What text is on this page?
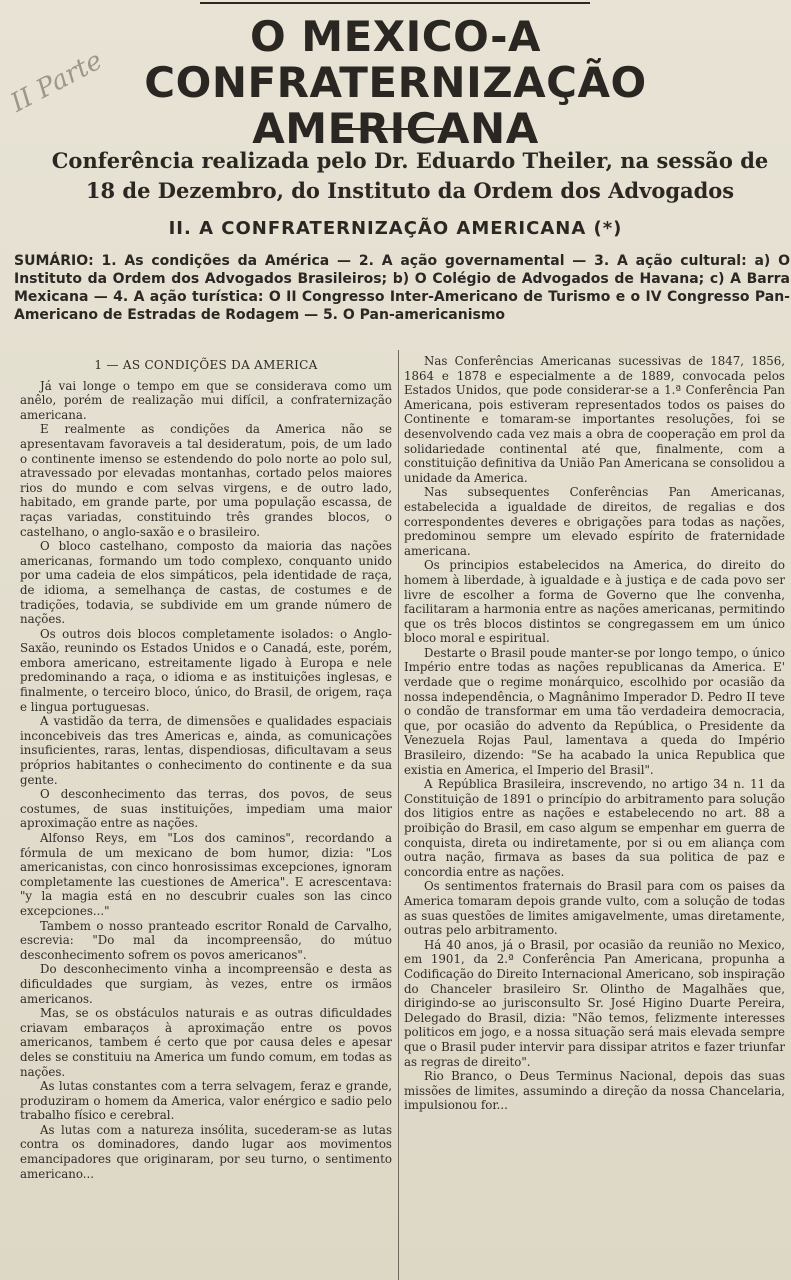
II Parte
O MEXICO-A CONFRATERNIZAÇÃO
AMERICANA
Conferência realizada pelo Dr. Eduardo Theiler, na sessão de 18 de Dezembro, do Instituto da Ordem dos Advogados
II. A CONFRATERNIZAÇÃO AMERICANA (*)
SUMÁRIO: 1. As condições da América — 2. A ação governamental — 3. A ação cultural: a) O Instituto da Ordem dos Advogados Brasileiros; b) O Colégio de Advogados de Havana; c) A Barra Mexicana — 4. A ação turística: O II Congresso Inter-Americano de Turismo e o IV Congresso Pan-Americano de Estradas de Rodagem — 5. O Pan-americanismo
1 — AS CONDIÇÕES DA AMERICA

Já vai longe o tempo em que se considerava como um anêlo, porém de realização mui difícil, a confraternização americana.

E realmente as condições da America não se apresentavam favoraveis a tal desideratum, pois, de um lado o continente imenso se estendendo do polo norte ao polo sul, atravessado por elevadas montanhas, cortado pelos maiores rios do mundo e com selvas virgens, e de outro lado, habitado, em grande parte, por uma população escassa, de raças variadas, constituindo três grandes blocos, o castelhano, o anglo-saxão e o brasileiro.

O bloco castelhano, composto da maioria das nações americanas, formando um todo complexo, conquanto unido por uma cadeia de elos simpáticos, pela identidade de raça, de idioma, a semelhança de castas, de costumes e de tradições, todavia, se subdivide em um grande número de nações.

Os outros dois blocos completamente isolados: o Anglo-Saxão, reunindo os Estados Unidos e o Canadá, este, porém, embora americano, estreitamente ligado à Europa e nele predominando a raça, o idioma e as instituições inglesas, e finalmente, o terceiro bloco, único, do Brasil, de origem, raça e lingua portuguesas.

A vastidão da terra, de dimensões e qualidades espaciais inconcebiveis das tres Americas e, ainda, as comunicações insuficientes, raras, lentas, dispendiosas, dificultavam a seus próprios habitantes o conhecimento do continente e da sua gente.

O desconhecimento das terras, dos povos, de seus costumes, de suas instituições, impediam uma maior aproximação entre as nações.

Alfonso Reys, em "Los dos caminos", recordando a fórmula de um mexicano de bom humor, dizia: "Los americanistas, con cinco honrosissimas excepciones, ignoram completamente las cuestiones de America". E acrescentava: "y la magia está en no descubrir cuales son las cinco excepciones..."

Tambem o nosso pranteado escritor Ronald de Carvalho, escrevia: "Do mal da incompreensão, do mútuo desconhecimento sofrem os povos americanos".

Do desconhecimento vinha a incompreensão e desta as dificuldades que surgiam, às vezes, entre os irmãos americanos.

Mas, se os obstáculos naturais e as outras dificuldades criavam embaraços à aproximação entre os povos americanos, tambem é certo que por causa deles e apesar deles se constituiu na America um fundo comum, em todas as nações.

As lutas constantes com a terra selvagem, feraz e grande, produziram o homem da America, valor enérgico e sadio pelo trabalho físico e cerebral.

As lutas com a natureza insólita, sucederam-se as lutas contra os dominadores, dando lugar aos movimentos emancipadores que originaram, por seu turno, o sentimento americano...

Nas Conferências Americanas sucessivas de 1847, 1856, 1864 e 1878 e especialmente a de 1889, convocada pelos Estados Unidos, que pode considerar-se a 1.ª Conferência Pan Americana, pois estiveram representados todos os paises do Continente e tomaram-se importantes resoluções, foi se desenvolvendo cada vez mais a obra de cooperação em prol da solidariedade continental até que, finalmente, com a constituição definitiva da União Pan Americana se consolidou a unidade da America.

Nas subsequentes Conferências Pan Americanas, estabelecida a igualdade de direitos, de regalias e dos correspondentes deveres e obrigações para todas as nações, predominou sempre um elevado espírito de fraternidade americana.

Os principios estabelecidos na America, do direito do homem à liberdade, à igualdade e à justiça e de cada povo ser livre de escolher a forma de Governo que lhe convenha, facilitaram a harmonia entre as nações americanas, permitindo que os três blocos distintos se congregassem em um único bloco moral e espiritual.

Destarte o Brasil poude manter-se por longo tempo, o único Império entre todas as nações republicanas da America. E' verdade que o regime monárquico, escolhido por ocasião da nossa independência, o Magnânimo Imperador D. Pedro II teve o condão de transformar em uma tão verdadeira democracia, que, por ocasião do advento da República, o Presidente da Venezuela Rojas Paul, lamentava a queda do Império Brasileiro, dizendo: "Se ha acabado la unica Republica que existia en America, el Imperio del Brasil".

A República Brasileira, inscrevendo, no artigo 34 n. 11 da Constituição de 1891 o princípio do arbitramento para solução dos litigios entre as nações e estabelecendo no art. 88 a proibição do Brasil, em caso algum se empenhar em guerra de conquista, direta ou indiretamente, por si ou em aliança com outra nação, firmava as bases da sua politica de paz e concordia entre as nações.

Os sentimentos fraternais do Brasil para com os paises da America tomaram depois grande vulto, com a solução de todas as suas questões de limites amigavelmente, umas diretamente, outras pelo arbitramento.

Há 40 anos, já o Brasil, por ocasião da reunião no Mexico, em 1901, da 2.ª Conferência Pan Americana, propunha a Codificação do Direito Internacional Americano, sob inspiração do Chanceler brasileiro Sr. Olintho de Magalhães que, dirigindo-se ao jurisconsulto Sr. José Higino Duarte Pereira, Delegado do Brasil, dizia: "Não temos, felizmente interesses politicos em jogo, e a nossa situação será mais elevada sempre que o Brasil puder intervir para dissipar atritos e fazer triunfar as regras de direito".

Rio Branco, o Deus Terminus Nacional, depois das suas missões de limites, assumindo a direção da nossa Chancelaria, impulsionou for...
